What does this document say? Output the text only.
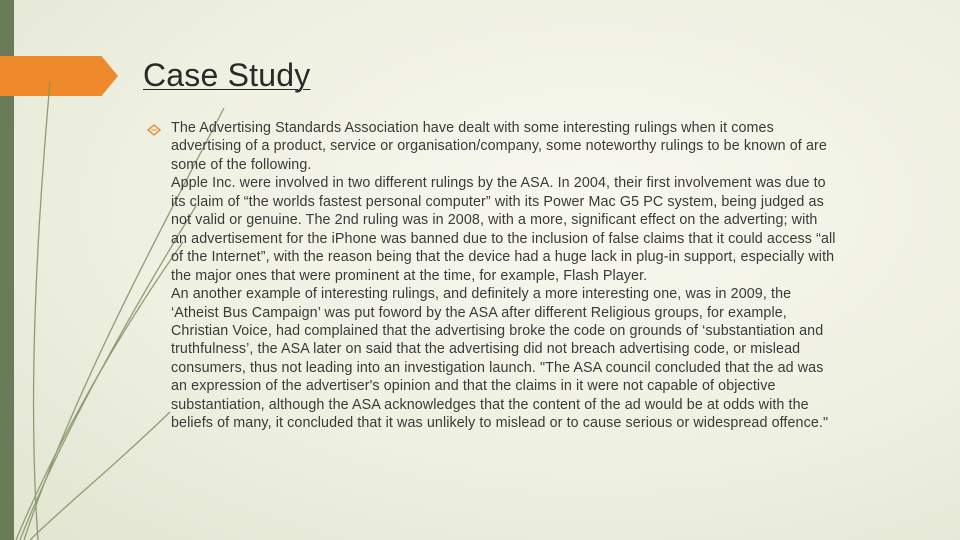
Case Study

The Advertising Standards Association have dealt with some interesting rulings when it comes advertising of a product, service or organisation/company, some noteworthy rulings to be known of are some of the following.

Apple Inc. were involved in two different rulings by the ASA. In 2004, their first involvement was due to its claim of “the worlds fastest personal computer” with its Power Mac G5 PC system, being judged as not valid or genuine. The 2nd ruling was in 2008, with a more, significant effect on the adverting; with an advertisement for the iPhone was banned due to the inclusion of false claims that it could access “all of the Internet”, with the reason being that the device had a huge lack in plug-in support, especially with the major ones that were prominent at the time, for example, Flash Player.

An another example of interesting rulings, and definitely a more interesting one, was in 2009, the ‘Atheist Bus Campaign’ was put foword by the ASA after different Religious groups, for example, Christian Voice, had complained that the advertising broke the code on grounds of ‘substantiation and truthfulness’, the ASA later on said that the advertising did not breach advertising code, or mislead consumers, thus not leading into an investigation launch. "The ASA council concluded that the ad was an expression of the advertiser's opinion and that the claims in it were not capable of objective substantiation, although the ASA acknowledges that the content of the ad would be at odds with the beliefs of many, it concluded that it was unlikely to mislead or to cause serious or widespread offence."
